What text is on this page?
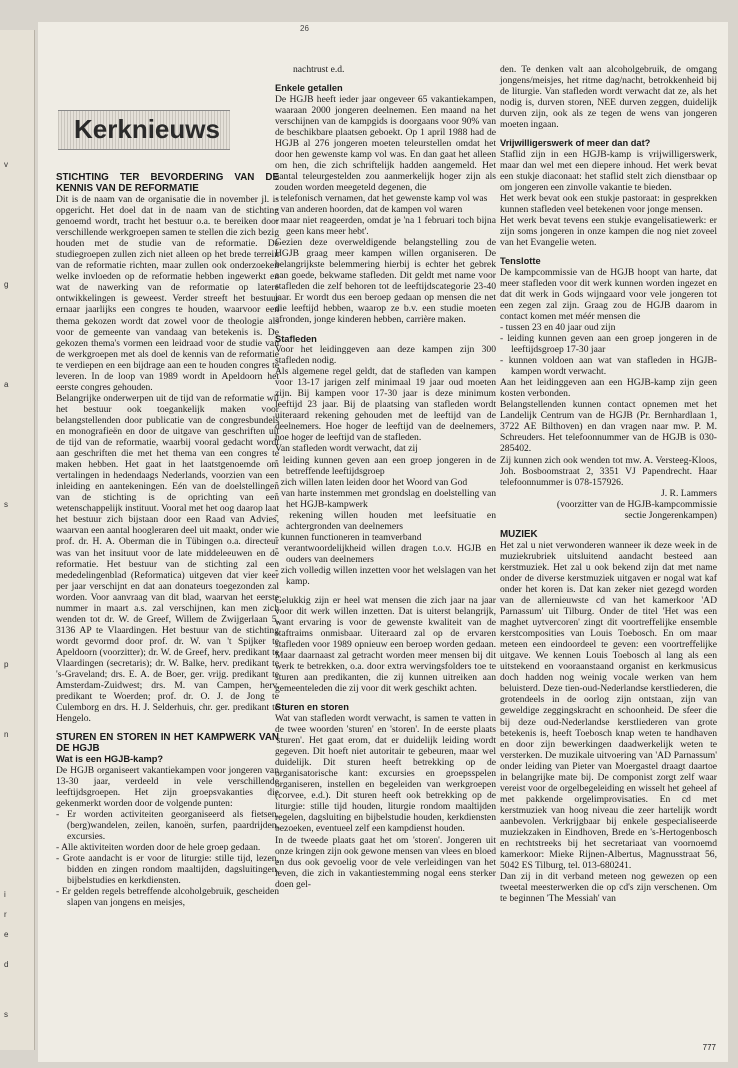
v
g
a
s
p
n
i
r
e
d
s
26
Kerknieuws
STICHTING TER BEVORDERING VAN DE KENNIS VAN DE REFORMATIE

Dit is de naam van de organisatie die in november jl. is opgericht. Het doel dat in de naam van de stichting genoemd wordt, tracht het bestuur o.a. te bereiken door verschillende werkgroepen samen te stellen die zich bezig houden met de studie van de reformatie. De studiegroepen zullen zich niet alleen op het brede terrein van de reformatie richten, maar zullen ook onderzoeken welke invloeden op de reformatie hebben ingewerkt en wat de nawerking van de reformatie op latere ontwikkelingen is geweest. Verder streeft het bestuur ernaar jaarlijks een congres te houden, waarvoor een thema gekozen wordt dat zowel voor de theologie als voor de gemeente van vandaag van betekenis is. De gekozen thema's vormen een leidraad voor de studie van de werkgroepen met als doel de kennis van de reformatie te verdiepen en een bijdrage aan een te houden congres te leveren. In de loop van 1989 wordt in Apeldoorn het eerste congres gehouden.

Belangrijke onderwerpen uit de tijd van de reformatie wil het bestuur ook toegankelijk maken voor belangstellenden door publicatie van de congresbundels en monografieën en door de uitgave van geschriften uit de tijd van de reformatie, waarbij vooral gedacht wordt aan geschriften die met het thema van een congres te maken hebben. Het gaat in het laatstgenoemde om vertalingen in hedendaags Nederlands, voorzien van een inleiding en aantekeningen. Eén van de doelstellingen van de stichting is de oprichting van een wetenschappelijk instituut. Vooral met het oog daarop laat het bestuur zich bijstaan door een Raad van Advies, waarvan een aantal hoogleraren deel uit maakt, onder wie prof. dr. H. A. Oberman die in Tübingen o.a. directeur was van het insituut voor de late middeleeuwen en de reformatie. Het bestuur van de stichting zal een mededelingenblad (Reformatica) uitgeven dat vier keer per jaar verschijnt en dat aan donateurs toegezonden zal worden. Voor aanvraag van dit blad, waarvan het eerste nummer in maart a.s. zal verschijnen, kan men zich wenden tot dr. W. de Greef, Willem de Zwijgerlaan 5, 3136 AP te Vlaardingen. Het bestuur van de stichting wordt gevormd door prof. dr. W. van 't Spijker te Apeldoorn (voorzitter); dr. W. de Greef, herv. predikant te Vlaardingen (secretaris); dr. W. Balke, herv. predikant te 's-Graveland; drs. E. A. de Boer, ger. vrijg. predikant te Amsterdam-Zuidwest; drs. M. van Campen, herv. predikant te Woerden; prof. dr. O. J. de Jong te Culemborg en drs. H. J. Selderhuis, chr. ger. predikant te Hengelo.

STUREN EN STOREN IN HET KAMPWERK VAN DE HGJB
Wat is een HGJB-kamp?

De HGJB organiseert vakantiekampen voor jongeren van 13-30 jaar, verdeeld in vele verschillende leeftijdsgroepen. Het zijn groepsvakanties die gekenmerkt worden door de volgende punten:

- Er worden activiteiten georganiseerd als fietsen, (berg)wandelen, zeilen, kanoën, surfen, paardrijden, excursies.
- Alle aktiviteiten worden door de hele groep gedaan.
- Grote aandacht is er voor de liturgie: stille tijd, lezen, bidden en zingen rondom maaltijden, dagsluitingen, bijbelstudies en kerkdiensten.
- Er gelden regels betreffende alcoholgebruik, gescheiden slapen van jongens en meisjes,

nachtrust e.d.

Enkele getallen

De HGJB heeft ieder jaar ongeveer 65 vakantiekampen, waaraan 2000 jongeren deelnemen. Een maand na het verschijnen van de kampgids is doorgaans voor 90% van de beschikbare plaatsen geboekt. Op 1 april 1988 had de HGJB al 276 jongeren moeten teleurstellen omdat het door hen gewenste kamp vol was. En dan gaat het alleen om hen, die zich schriftelijk hadden aangemeld. Het aantal teleurgestelden zou aanmerkelijk hoger zijn als zouden worden meegeteld degenen, die

- telefonisch vernamen, dat het gewenste kamp vol was
- van anderen hoorden, dat de kampen vol waren
- maar niet reageerden, omdat je 'na 1 februari toch bijna geen kans meer hebt'.

Gezien deze overweldigende belangstelling zou de HGJB graag meer kampen willen organiseren. De belangrijkste belemmering hierbij is echter het gebrek aan goede, bekwame stafleden. Dit geldt met name voor stafleden die zelf behoren tot de leeftijdscategorie 23-40 jaar. Er wordt dus een beroep gedaan op mensen die net die leeftijd hebben, waarop ze b.v. een studie moeten afronden, jonge kinderen hebben, carrière maken.

Stafleden

Voor het leidinggeven aan deze kampen zijn 300 stafleden nodig.
Als algemene regel geldt, dat de stafleden van kampen voor 13-17 jarigen zelf minimaal 19 jaar oud moeten zijn. Bij kampen voor 17-30 jaar is deze minimum leeftijd 23 jaar. Bij de plaatsing van stafleden wordt uiteraard rekening gehouden met de leeftijd van de deelnemers. Hoe hoger de leeftijd van de deelnemers, hoe hoger de leeftijd van de stafleden.
Van stafleden wordt verwacht, dat zij

- leiding kunnen geven aan een groep jongeren in de betreffende leeftijdsgroep
- zich willen laten leiden door het Woord van God
- van harte instemmen met grondslag en doelstelling van het HGJB-kampwerk
- rekening willen houden met leefsituatie en achtergronden van deelnemers
- kunnen functioneren in teamverband
- verantwoordelijkheid willen dragen t.o.v. HGJB en ouders van deelnemers
- zich volledig willen inzetten voor het welslagen van het kamp.

Gelukkig zijn er heel wat mensen die zich jaar na jaar voor dit werk willen inzetten. Dat is uiterst belangrijk, want ervaring is voor de gewenste kwaliteit van de staftraims onmisbaar. Uiteraard zal op de ervaren stafleden voor 1989 opnieuw een beroep worden gedaan. Maar daarnaast zal getracht worden meer mensen bij dit werk te betrekken, o.a. door extra wervingsfolders toe te sturen aan predikanten, die zij kunnen uitreiken aan gemeenteleden die zij voor dit werk geschikt achten.

Sturen en storen

Wat van stafleden wordt verwacht, is samen te vatten in de twee woorden 'sturen' en 'storen'. In de eerste plaats 'sturen'. Het gaat erom, dat er duidelijk leiding wordt gegeven. Dit hoeft niet autoritair te gebeuren, maar wel duidelijk. Dit sturen heeft betrekking op de organisatorische kant: excursies en groepsspelen organiseren, instellen en begeleiden van werkgroepen (corvee, e.d.). Dit sturen heeft ook betrekking op de liturgie: stille tijd houden, liturgie rondom maaltijden regelen, dagsluiting en bijbelstudie houden, kerkdiensten bezoeken, eventueel zelf een kampdienst houden.
In de tweede plaats gaat het om 'storen'. Jongeren uit onze kringen zijn ook gewone mensen van vlees en bloed en dus ook gevoelig voor de vele verleidingen van het leven, die zich in vakantiestemming nogal eens sterker doen gel-

den. Te denken valt aan alcoholgebruik, de omgang jongens/meisjes, het ritme dag/nacht, betrokkenheid bij de liturgie. Van stafleden wordt verwacht dat ze, als het nodig is, durven storen, NEE durven zeggen, duidelijk durven zijn, ook als ze tegen de wens van jongeren moeten ingaan.

Vrijwilligerswerk of meer dan dat?

Staflid zijn in een HGJB-kamp is vrijwilligerswerk, maar dan wel met een diepere inhoud. Het werk bevat een stukje diaconaat: het staflid stelt zich dienstbaar op om jongeren een zinvolle vakantie te bieden.
Het werk bevat ook een stukje pastoraat: in gesprekken kunnen stafleden veel betekenen voor jonge mensen.
Het werk bevat tevens een stukje evangelisatiewerk: er zijn soms jongeren in onze kampen die nog niet zoveel van het Evangelie weten.

Tenslotte

De kampcommissie van de HGJB hoopt van harte, dat meer stafleden voor dit werk kunnen worden ingezet en dat dit werk in Gods wijngaard voor vele jongeren tot een zegen zal zijn. Graag zou de HGJB daarom in contact komen met méér mensen die

- tussen 23 en 40 jaar oud zijn
- leiding kunnen geven aan een groep jongeren in de leeftijdsgroep 17-30 jaar
- kunnen voldoen aan wat van stafleden in HGJB-kampen wordt verwacht.

Aan het leidinggeven aan een HGJB-kamp zijn geen kosten verbonden.
Belangstellenden kunnen contact opnemen met het Landelijk Centrum van de HGJB (Pr. Bernhardlaan 1, 3722 AE Bilthoven) en dan vragen naar mw. P. M. Schreuders. Het telefoonnummer van de HGJB is 030-285402.
Zij kunnen zich ook wenden tot mw. A. Versteeg-Kloos, Joh. Bosboomstraat 2, 3351 VJ Papendrecht. Haar telefoonnummer is 078-157926.

J. R. Lammers

(voorzitter van de HGJB-kampcommissie sectie Jongerenkampen)

MUZIEK

Het zal u niet verwonderen wanneer ik deze week in de muziekrubriek uitsluitend aandacht besteed aan kerstmuziek. Het zal u ook bekend zijn dat met name onder de diverse kerstmuziek uitgaven er nogal wat kaf onder het koren is. Dat kan zeker niet gezegd worden van de allernieuwste cd van het kamerkoor 'AD Parnassum' uit Tilburg. Onder de titel 'Het was een maghet uytvercoren' zingt dit voortreffelijke ensemble kerstcomposities van Louis Toebosch. En om maar meteen een eindoordeel te geven: een voortreffelijke uitgave. We kennen Louis Toebosch al lang als een uitstekend en vooraanstaand organist en kerkmusicus doch hadden nog weinig vocale werken van hem beluisterd. Deze tien-oud-Nederlandse kerstliederen, die grotendeels in de oorlog zijn ontstaan, zijn van geweldige zeggingskracht en schoonheid. De sfeer die bij deze oud-Nederlandse kerstliederen van grote betekenis is, heeft Toebosch knap weten te handhaven en door zijn bewerkingen daadwerkelijk weten te versterken. De muzikale uitvoering van 'AD Parnassum' onder leiding van Pieter van Moergastel draagt daartoe in belangrijke mate bij. De componist zorgt zelf waar vereist voor de orgelbegeleiding en wisselt het geheel af met pakkende orgelimprovisaties. En cd met kerstmuziek van hoog niveau die zeer hartelijk wordt aanbevolen. Verkrijgbaar bij enkele gespecialiseerde muziekzaken in Eindhoven, Brede en 's-Hertogenbosch en rechtstreeks bij het secretariaat van voornoemd kamerkoor: Mieke Rijnen-Albertus, Magnusstraat 56, 5042 ES Tilburg, tel. 013-680241.
Dan zij in dit verband meteen nog gewezen op een tweetal meesterwerken die op cd's zijn verschenen. Om te beginnen 'The Messiah' van

777
